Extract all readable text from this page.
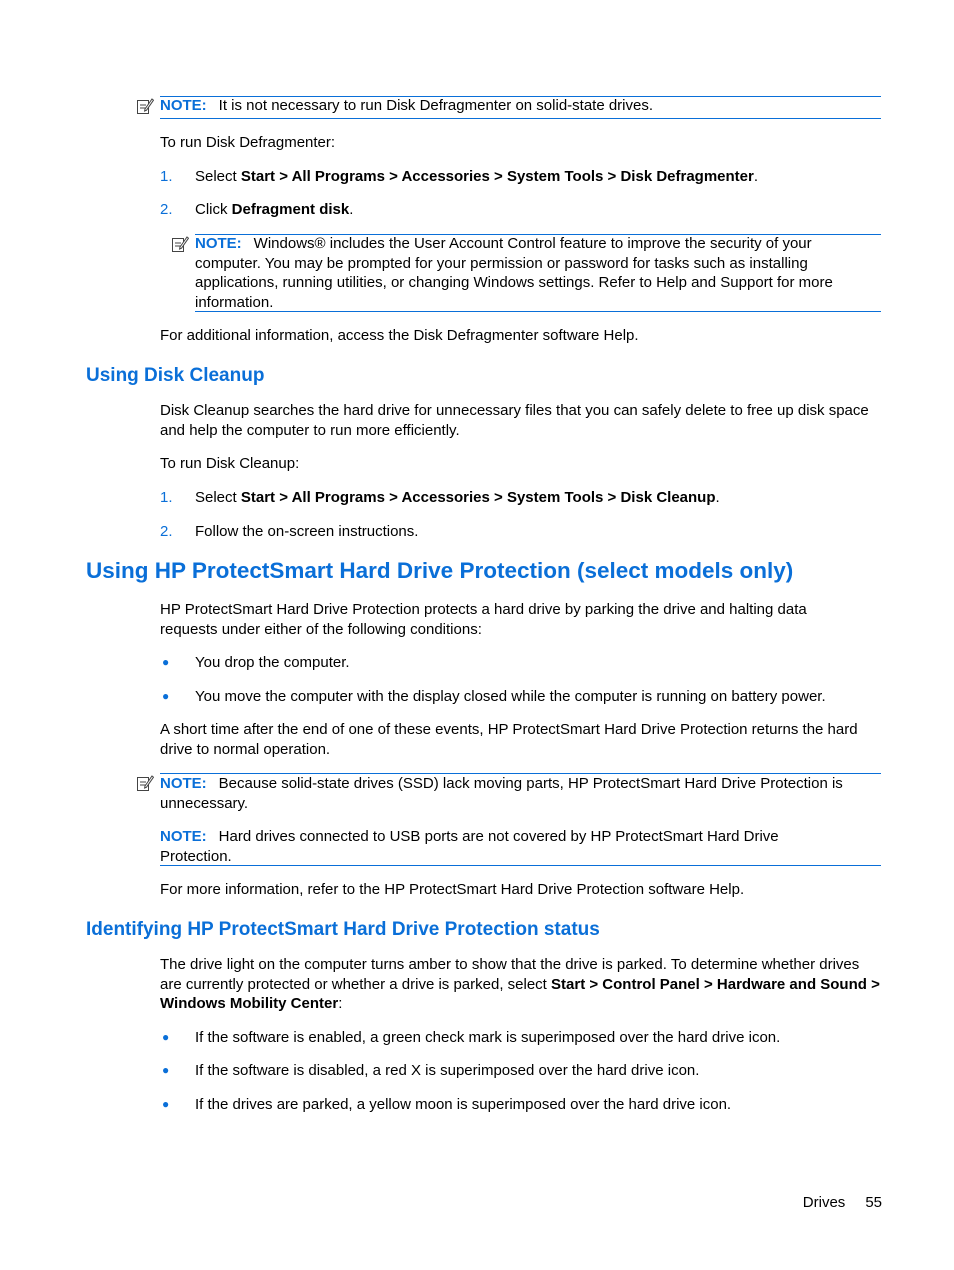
NOTE: It is not necessary to run Disk Defragmenter on solid-state drives.
To run Disk Defragmenter:
1. Select Start > All Programs > Accessories > System Tools > Disk Defragmenter.
2. Click Defragment disk.
NOTE: Windows® includes the User Account Control feature to improve the security of your computer. You may be prompted for your permission or password for tasks such as installing applications, running utilities, or changing Windows settings. Refer to Help and Support for more information.
For additional information, access the Disk Defragmenter software Help.
Using Disk Cleanup
Disk Cleanup searches the hard drive for unnecessary files that you can safely delete to free up disk space and help the computer to run more efficiently.
To run Disk Cleanup:
1. Select Start > All Programs > Accessories > System Tools > Disk Cleanup.
2. Follow the on-screen instructions.
Using HP ProtectSmart Hard Drive Protection (select models only)
HP ProtectSmart Hard Drive Protection protects a hard drive by parking the drive and halting data requests under either of the following conditions:
● You drop the computer.
● You move the computer with the display closed while the computer is running on battery power.
A short time after the end of one of these events, HP ProtectSmart Hard Drive Protection returns the hard drive to normal operation.
NOTE: Because solid-state drives (SSD) lack moving parts, HP ProtectSmart Hard Drive Protection is unnecessary.
NOTE: Hard drives connected to USB ports are not covered by HP ProtectSmart Hard Drive Protection.
For more information, refer to the HP ProtectSmart Hard Drive Protection software Help.
Identifying HP ProtectSmart Hard Drive Protection status
The drive light on the computer turns amber to show that the drive is parked. To determine whether drives are currently protected or whether a drive is parked, select Start > Control Panel > Hardware and Sound > Windows Mobility Center:
● If the software is enabled, a green check mark is superimposed over the hard drive icon.
● If the software is disabled, a red X is superimposed over the hard drive icon.
● If the drives are parked, a yellow moon is superimposed over the hard drive icon.
Drives 55
